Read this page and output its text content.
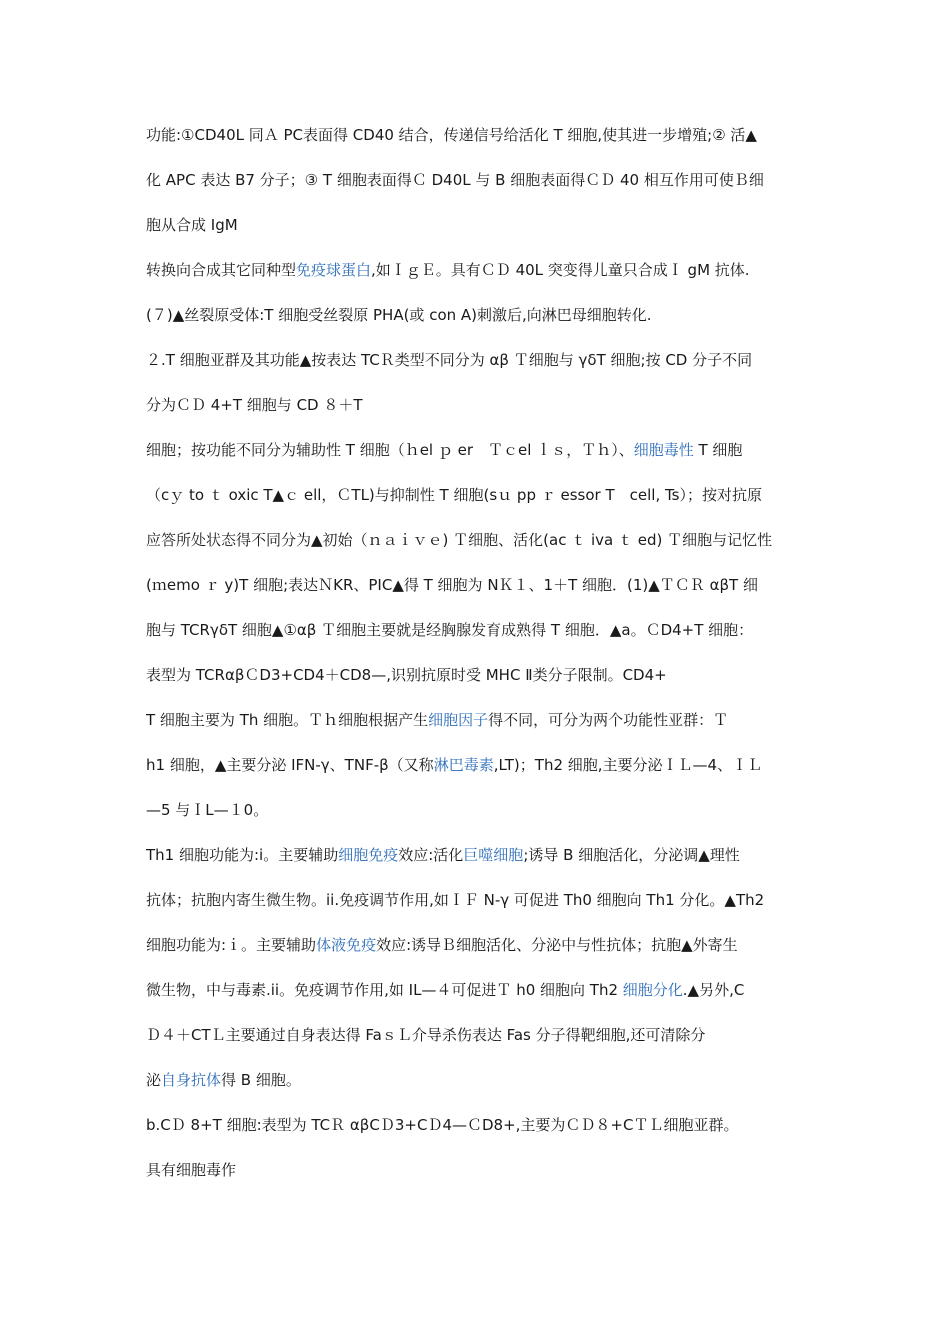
功能:①CD40L 同Ａ PC表面得 CD40 结合，传递信号给活化 T 细胞,使其进一步增殖;② 活▲
化 APC 表达 B7 分子；③ T 细胞表面得Ｃ D40L 与 B 细胞表面得ＣＤ 40 相互作用可使Ｂ细
胞从合成 IgM
转换向合成其它同种型免疫球蛋白,如ＩｇＥ。具有ＣＤ 40L 突变得儿童只合成Ｉ gM 抗体.
(７)▲丝裂原受体:T 细胞受丝裂原 PHA(或 con A)刺激后,向淋巴母细胞转化.
２.T 细胞亚群及其功能▲按表达 TCＲ类型不同分为 αβ Ｔ细胞与 γδT 细胞;按 CD 分子不同
分为ＣＤ 4+T 细胞与 CD ８＋T
细胞；按功能不同分为辅助性 T 细胞（ｈel ｐ er　Ｔｃel ｌｓ，Ｔｈ）、细胞毒性 T 细胞
（cｙ to ｔ oxic T▲ｃ ell，ＣTL)与抑制性 T 细胞(sｕ pp ｒ essor T　cell, Ts）；按对抗原
应答所处状态得不同分为▲初始（ｎａｉｖｅ) Ｔ细胞、活化(ac ｔ iva ｔ ed) Ｔ细胞与记忆性
(ｍemo ｒ y)T 细胞;表达ＮKR、PIC▲得 T 细胞为 NＫ１、1＋T 细胞．(1)▲ＴＣＲ αβT 细
胞与 TCRγδT 细胞▲①αβ Ｔ细胞主要就是经胸腺发育成熟得 T 细胞．▲a。ＣD4+T 细胞：
表型为 TCRαβＣD3+CD4＋CD8—,识别抗原时受 MHC Ⅱ类分子限制。CD4+
T 细胞主要为 Th 细胞。Ｔｈ细胞根据产生细胞因子得不同，可分为两个功能性亚群：Ｔ
h1 细胞，▲主要分泌 IFN-γ、TNF-β（又称淋巴毒素,LT)；Th2 细胞,主要分泌ＩＬ—4、ＩＬ
—5 与ＩL—１0。
Th1 细胞功能为:i。主要辅助细胞免疫效应:活化巨噬细胞;诱导 B 细胞活化，分泌调▲理性
抗体；抗胞内寄生微生物。ii.免疫调节作用,如ＩＦ N-γ 可促进 Th0 细胞向 Th1 分化。▲Th2
细胞功能为:ｉ。主要辅助体液免疫效应:诱导Ｂ细胞活化、分泌中与性抗体；抗胞▲外寄生
微生物，中与毒素.ii。免疫调节作用,如 IL—４可促进Ｔ h0 细胞向 Th2 细胞分化.▲另外,C
Ｄ４＋CTＬ主要通过自身表达得 FaｓＬ介导杀伤表达 Fas 分子得靶细胞,还可清除分
泌自身抗体得 B 细胞。
b.CＤ 8+T 细胞:表型为 TCＲ αβCＤ3+CＤ4—ＣD8+,主要为ＣＤ８+CＴＬ细胞亚群。
具有细胞毒作
